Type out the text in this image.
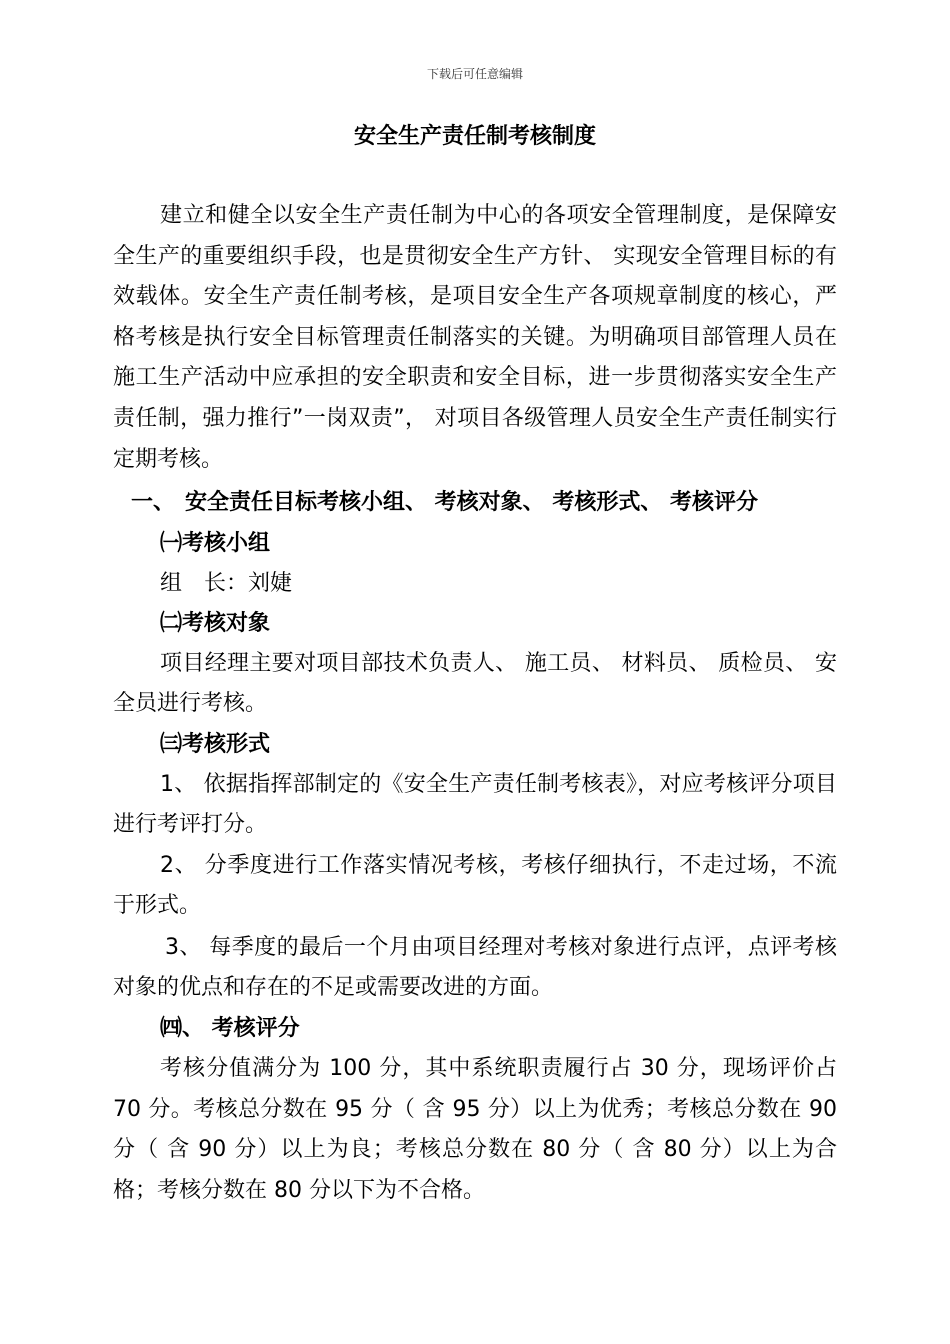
下载后可任意编辑
安全生产责任制考核制度
建立和健全以安全生产责任制为中心的各项安全管理制度，是保障安全生产的重要组织手段，也是贯彻安全生产方针、 实现安全管理目标的有效载体。安全生产责任制考核，是项目安全生产各项规章制度的核心，严格考核是执行安全目标管理责任制落实的关键。为明确项目部管理人员在施工生产活动中应承担的安全职责和安全目标，进一步贯彻落实安全生产责任制，强力推行”一岗双责”， 对项目各级管理人员安全生产责任制实行定期考核。
一、 安全责任目标考核小组、 考核对象、 考核形式、 考核评分
㈠考核小组
组　长：刘婕
㈡考核对象
项目经理主要对项目部技术负责人、 施工员、 材料员、 质检员、 安全员进行考核。
㈢考核形式
1、 依据指挥部制定的《安全生产责任制考核表》，对应考核评分项目进行考评打分。
2、 分季度进行工作落实情况考核，考核仔细执行，不走过场，不流于形式。
3、 每季度的最后一个月由项目经理对考核对象进行点评，点评考核对象的优点和存在的不足或需要改进的方面。
㈣、 考核评分
考核分值满分为 100 分，其中系统职责履行占 30 分，现场评价占 70 分。考核总分数在 95 分（ 含 95 分）以上为优秀；考核总分数在 90 分（ 含 90 分）以上为良；考核总分数在 80 分（ 含 80 分）以上为合格；考核分数在 80 分以下为不合格。
